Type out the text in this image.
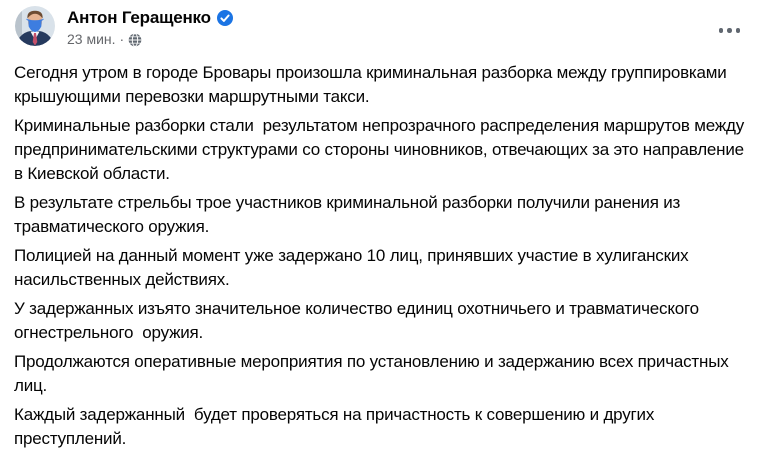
Антон Геращенко
23 мин. ·

Сегодня утром в городе Бровары произошла криминальная разборка между группировками крышующими перевозки маршрутными такси.

Криминальные разборки стали  результатом непрозрачного распределения маршрутов между предпринимательскими структурами со стороны чиновников, отвечающих за это направление в Киевской области.

В результате стрельбы трое участников криминальной разборки получили ранения из травматического оружия.

Полицией на данный момент уже задержано 10 лиц, принявших участие в хулиганских насильственных действиях.

У задержанных изъято значительное количество единиц охотничьего и травматического огнестрельного  оружия.

Продолжаются оперативные мероприятия по установлению и задержанию всех причастных лиц.

Каждый задержанный  будет проверяться на причастность к совершению и других преступлений.
